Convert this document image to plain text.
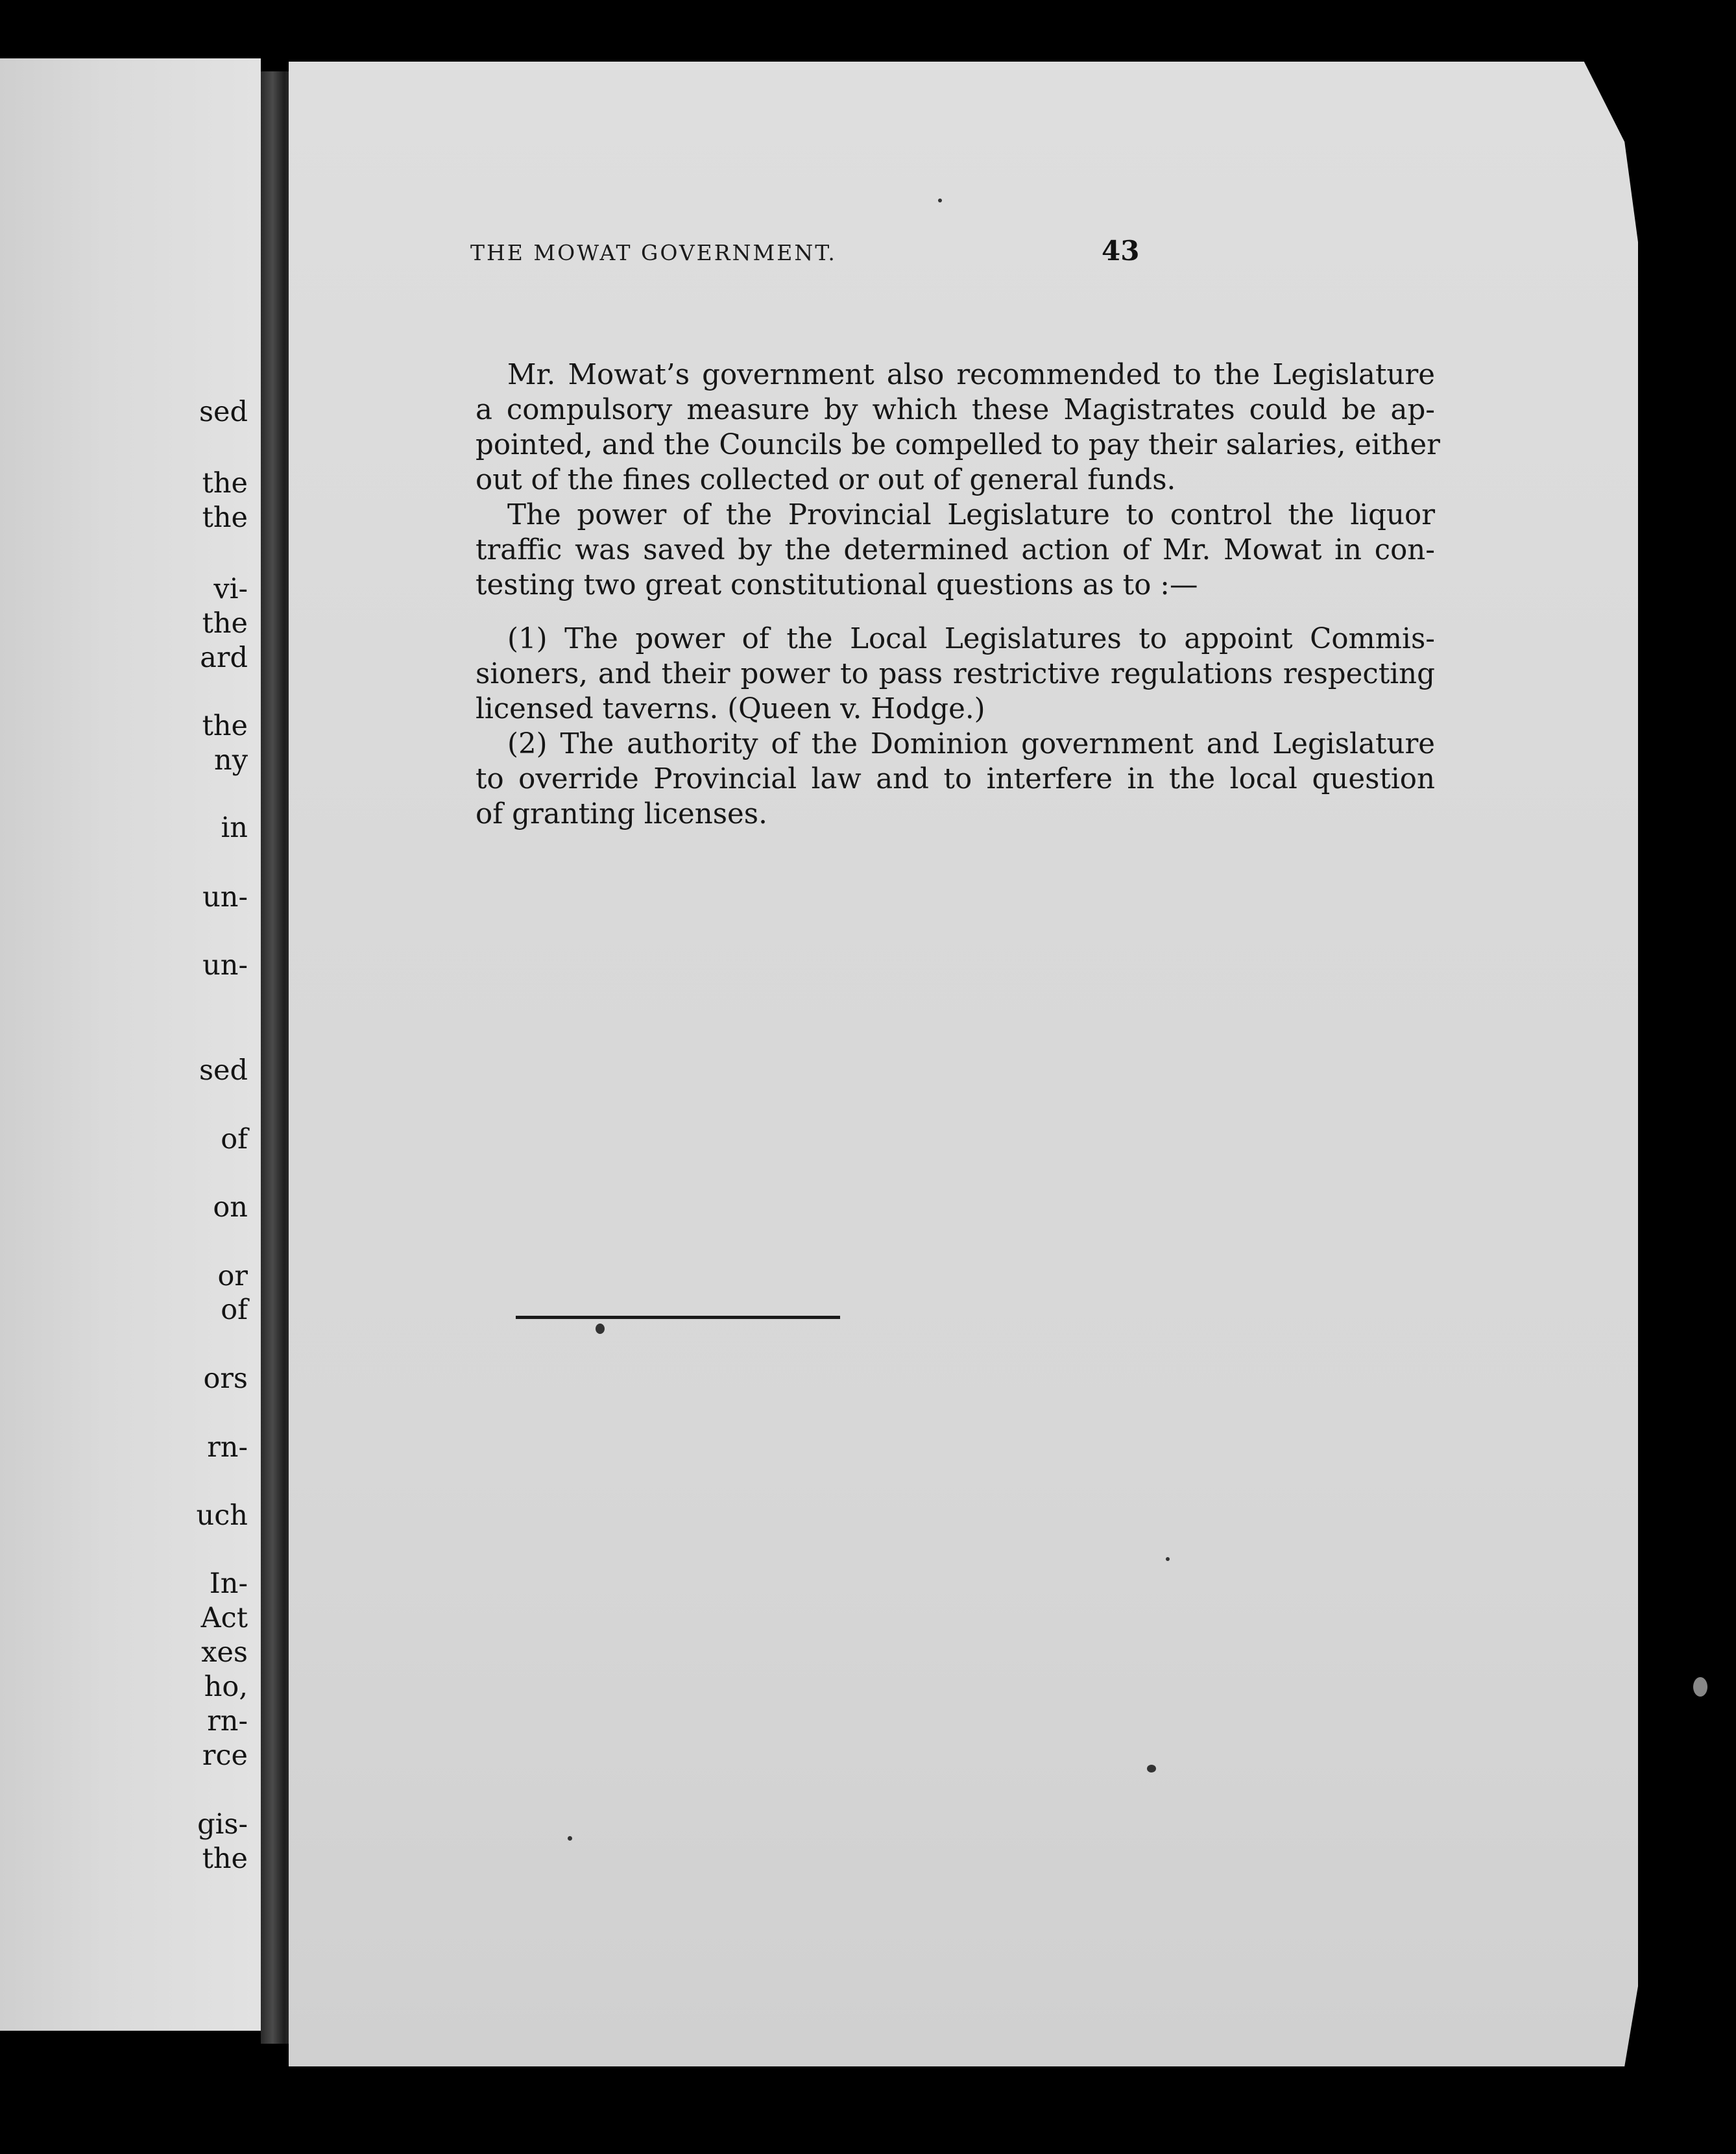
sed
the
the
vi-
the
ard
the
ny
in
un-
un-
sed
of
on
or
of
ors
rn-
uch
In-
Act
xes
ho,
rn-
rce
gis-
the
THE MOWAT GOVERNMENT.	43
Mr. Mowat’s government also recommended to the Legislature
a compulsory measure by which these Magistrates could be ap-
pointed, and the Councils be compelled to pay their salaries, either
out of the fines collected or out of general funds.
The power of the Provincial Legislature to control the liquor
traffic was saved by the determined action of Mr. Mowat in con-
testing two great constitutional questions as to :—
(1) The power of the Local Legislatures to appoint Commis-
sioners, and their power to pass restrictive regulations respecting
licensed taverns. (Queen v. Hodge.)
(2) The authority of the Dominion government and Legislature
to override Provincial law and to interfere in the local question
of granting licenses.
